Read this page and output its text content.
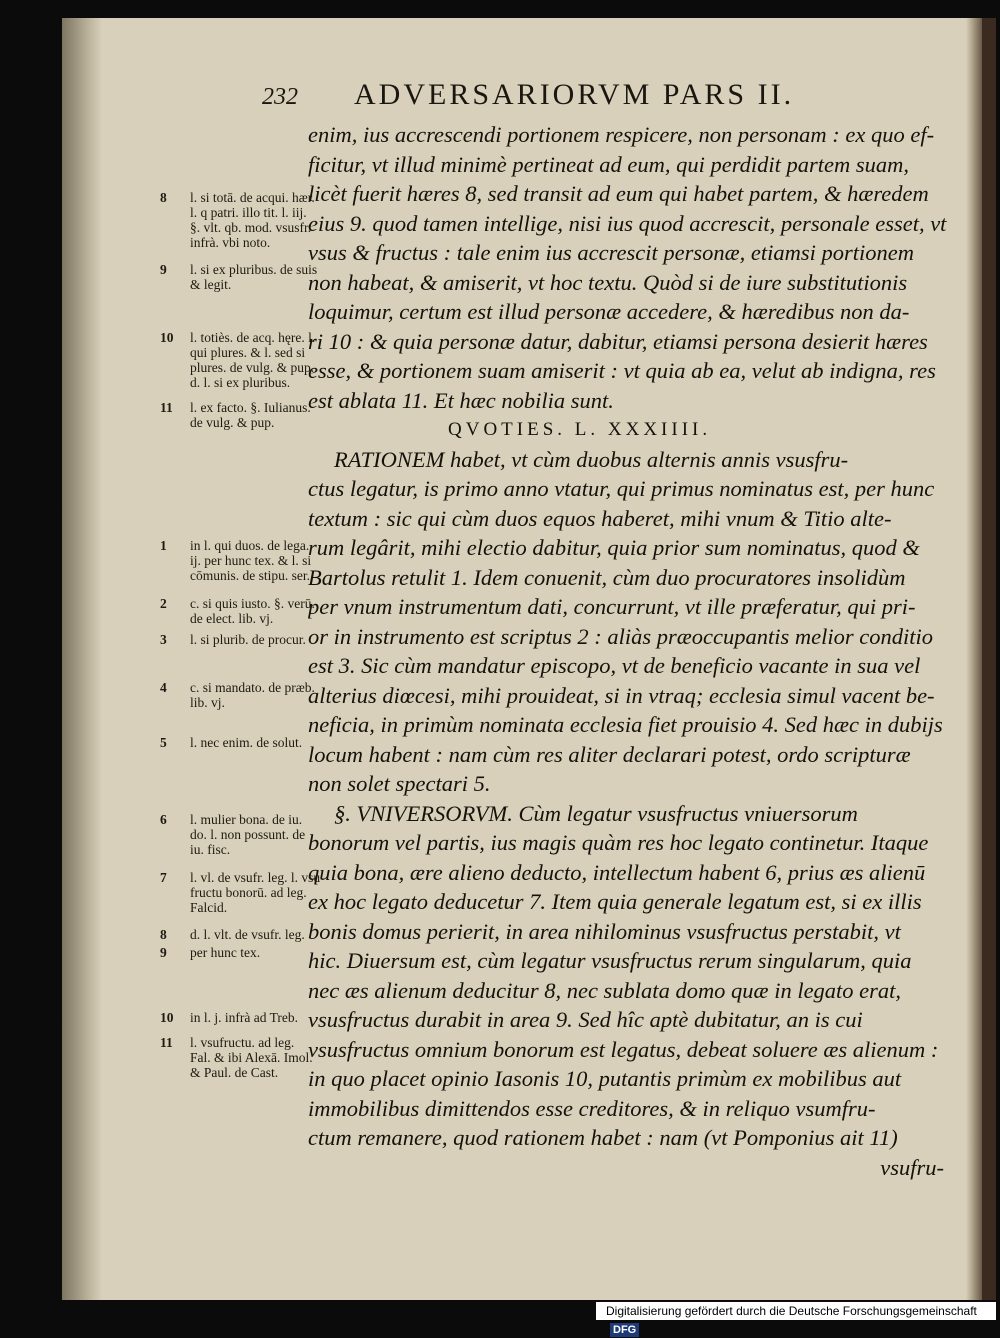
232 ADVERSARIORVM PARS II.
enim, ius accrescendi portionem respicere, non personam : ex quo ef-
ficitur, vt illud minimè pertineat ad eum, qui perdidit partem suam,
licèt fuerit hæres 8, sed transit ad eum qui habet partem, & hæredem
eius 9. quod tamen intellige, nisi ius quod accrescit, personale esset, vt
vsus & fructus : tale enim ius accrescit personæ, etiamsi portionem
non habeat, & amiserit, vt hoc textu. Quòd si de iure substitutionis
loquimur, certum est illud personæ accedere, & hæredibus non da-
ri 10 : & quia personæ datur, dabitur, etiamsi persona desierit hæres
esse, & portionem suam amiserit : vt quia ab ea, velut ab indigna, res
est ablata 11. Et hæc nobilia sunt.
QVOTIES. L. XXXIIII.
RATIONEM habet, vt cùm duobus alternis annis vsusfru-
ctus legatur, is primo anno vtatur, qui primus nominatus est, per hunc
textum : sic qui cùm duos equos haberet, mihi vnum & Titio alte-
rum legârit, mihi electio dabitur, quia prior sum nominatus, quod &
Bartolus retulit 1. Idem conuenit, cùm duo procuratores insolidùm
per vnum instrumentum dati, concurrunt, vt ille præferatur, qui pri-
or in instrumento est scriptus 2 : aliàs præoccupantis melior conditio
est 3. Sic cùm mandatur episcopo, vt de beneficio vacante in sua vel
alterius diœcesi, mihi prouideat, si in vtraq; ecclesia simul vacent be-
neficia, in primùm nominata ecclesia fiet prouisio 4. Sed hæc in dubijs
locum habent : nam cùm res aliter declarari potest, ordo scripturæ
non solet spectari 5.
§. VNIVERSORVM. Cùm legatur vsusfructus vniuersorum
bonorum vel partis, ius magis quàm res hoc legato continetur. Itaque
quia bona, ære alieno deducto, intellectum habent 6, prius æs alienū
ex hoc legato deducetur 7. Item quia generale legatum est, si ex illis
bonis domus perierit, in area nihilominus vsusfructus perstabit, vt
hic. Diuersum est, cùm legatur vsusfructus rerum singularum, quia
nec æs alienum deducitur 8, nec sublata domo quæ in legato erat,
vsusfructus durabit in area 9. Sed hîc aptè dubitatur, an is cui
vsusfructus omnium bonorum est legatus, debeat soluere æs alienum :
in quo placet opinio Iasonis 10, putantis primùm ex mobilibus aut
immobilibus dimittendos esse creditores, & in reliquo vsumfru-
ctum remanere, quod rationem habet : nam (vt Pomponius ait 11)
vsufru-
8	l. si totā. de acqui. hær.
l. q patri. illo tit. l. iij.
§. vlt. qb. mod. vsusfr.
infrà. vbi noto.
9	l. si ex pluribus. de suis
& legit.
10	l. totiès. de acq. hęre. l.
qui plures. & l. sed si
plures. de vulg. & pup.
d. l. si ex pluribus.
11	l. ex facto. §. Iulianus.
de vulg. & pup.
1	in l. qui duos. de lega.
ij. per hunc tex. & l. si
cōmunis. de stipu. ser.
2	c. si quis iusto. §. verū.
de elect. lib. vj.
3	l. si plurib. de procur.
4	c. si mandato. de præb.
lib. vj.
5	l. nec enim. de solut.
6	l. mulier bona. de iu.
do. l. non possunt. de
iu. fisc.
7	l. vl. de vsufr. leg. l. vsu-
fructu bonorū. ad leg.
Falcid.
8	d. l. vlt. de vsufr. leg.
9	per hunc tex.
10	in l. j. infrà ad Treb.
11	l. vsufructu. ad leg.
Fal. & ibi Alexā. Imol.
& Paul. de Cast.
Digitalisierung gefördert durch die Deutsche Forschungsgemeinschaft DFG
